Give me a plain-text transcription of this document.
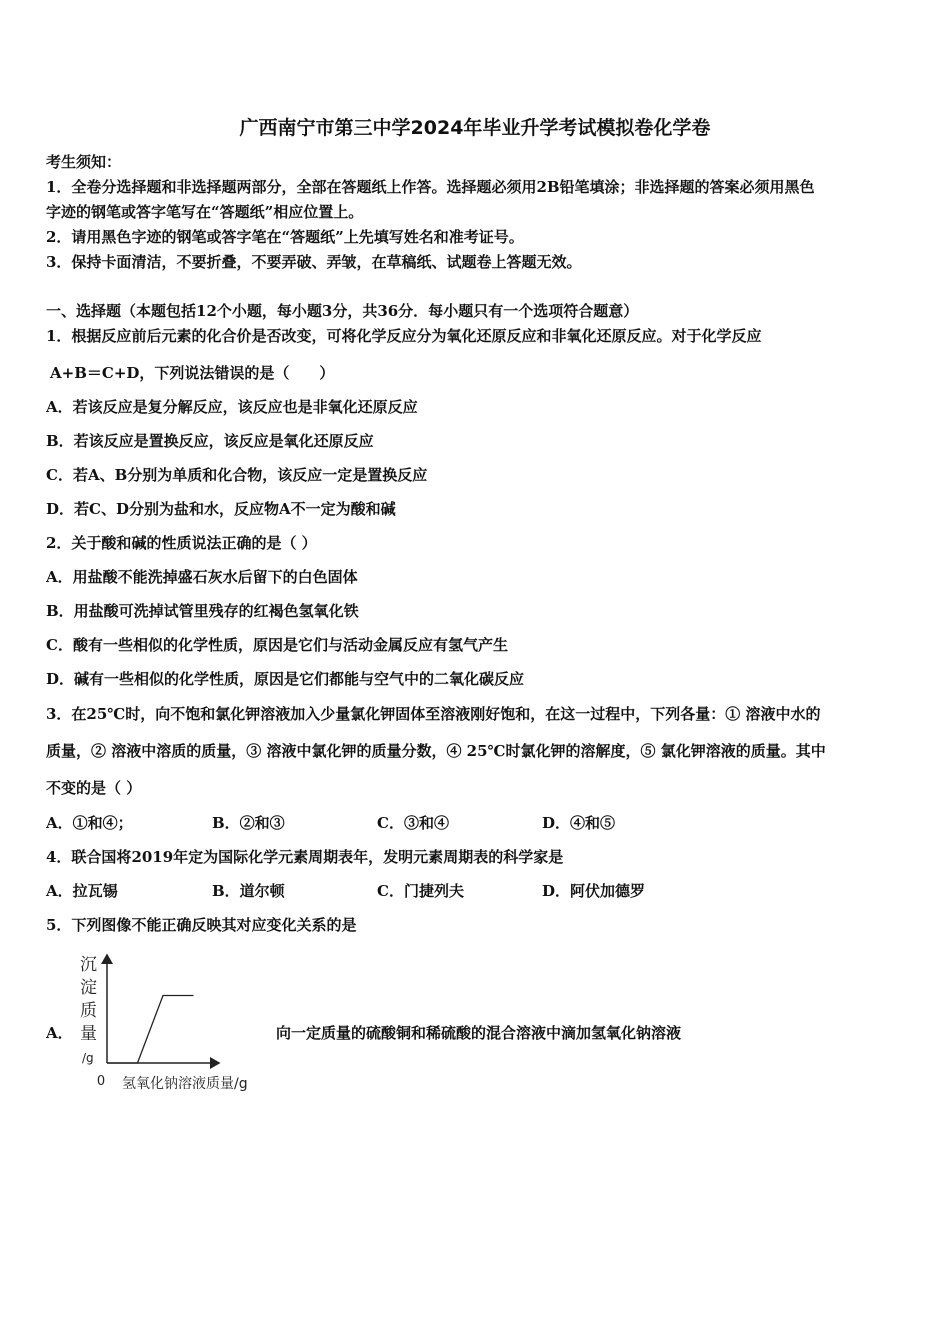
广西南宁市第三中学2024年毕业升学考试模拟卷化学卷
考生须知：
1．全卷分选择题和非选择题两部分，全部在答题纸上作答。选择题必须用2B铅笔填涂；非选择题的答案必须用黑色
字迹的钢笔或答字笔写在“答题纸”相应位置上。
2．请用黑色字迹的钢笔或答字笔在“答题纸”上先填写姓名和准考证号。
3．保持卡面清洁，不要折叠，不要弄破、弄皱，在草稿纸、试题卷上答题无效。
一、选择题（本题包括12个小题，每小题3分，共36分．每小题只有一个选项符合题意）
1．根据反应前后元素的化合价是否改变，可将化学反应分为氧化还原反应和非氧化还原反应。对于化学反应
A+B＝C+D，下列说法错误的是（　　）
A．若该反应是复分解反应，该反应也是非氧化还原反应
B．若该反应是置换反应，该反应是氧化还原反应
C．若A、B分别为单质和化合物，该反应一定是置换反应
D．若C、D分别为盐和水，反应物A不一定为酸和碱
2．关于酸和碱的性质说法正确的是（ ）
A．用盐酸不能洗掉盛石灰水后留下的白色固体
B．用盐酸可洗掉试管里残存的红褐色氢氧化铁
C．酸有一些相似的化学性质，原因是它们与活动金属反应有氢气产生
D．碱有一些相似的化学性质，原因是它们都能与空气中的二氧化碳反应
3．在25℃时，向不饱和氯化钾溶液加入少量氯化钾固体至溶液刚好饱和，在这一过程中，下列各量：① 溶液中水的
质量，② 溶液中溶质的质量，③ 溶液中氯化钾的质量分数，④ 25℃时氯化钾的溶解度，⑤ 氯化钾溶液的质量。其中
不变的是（ ）
A．①和④；	B．②和③	C．③和④	D．④和⑤
4．联合国将2019年定为国际化学元素周期表年，发明元素周期表的科学家是
A．拉瓦锡	B．道尔顿	C．门捷列夫	D．阿伏加德罗
5．下列图像不能正确反映其对应变化关系的是
A．	向一定质量的硫酸铜和稀硫酸的混合溶液中滴加氢氧化钠溶液
沉
淀
质
量
/g
0 氢氧化钠溶液质量/g
